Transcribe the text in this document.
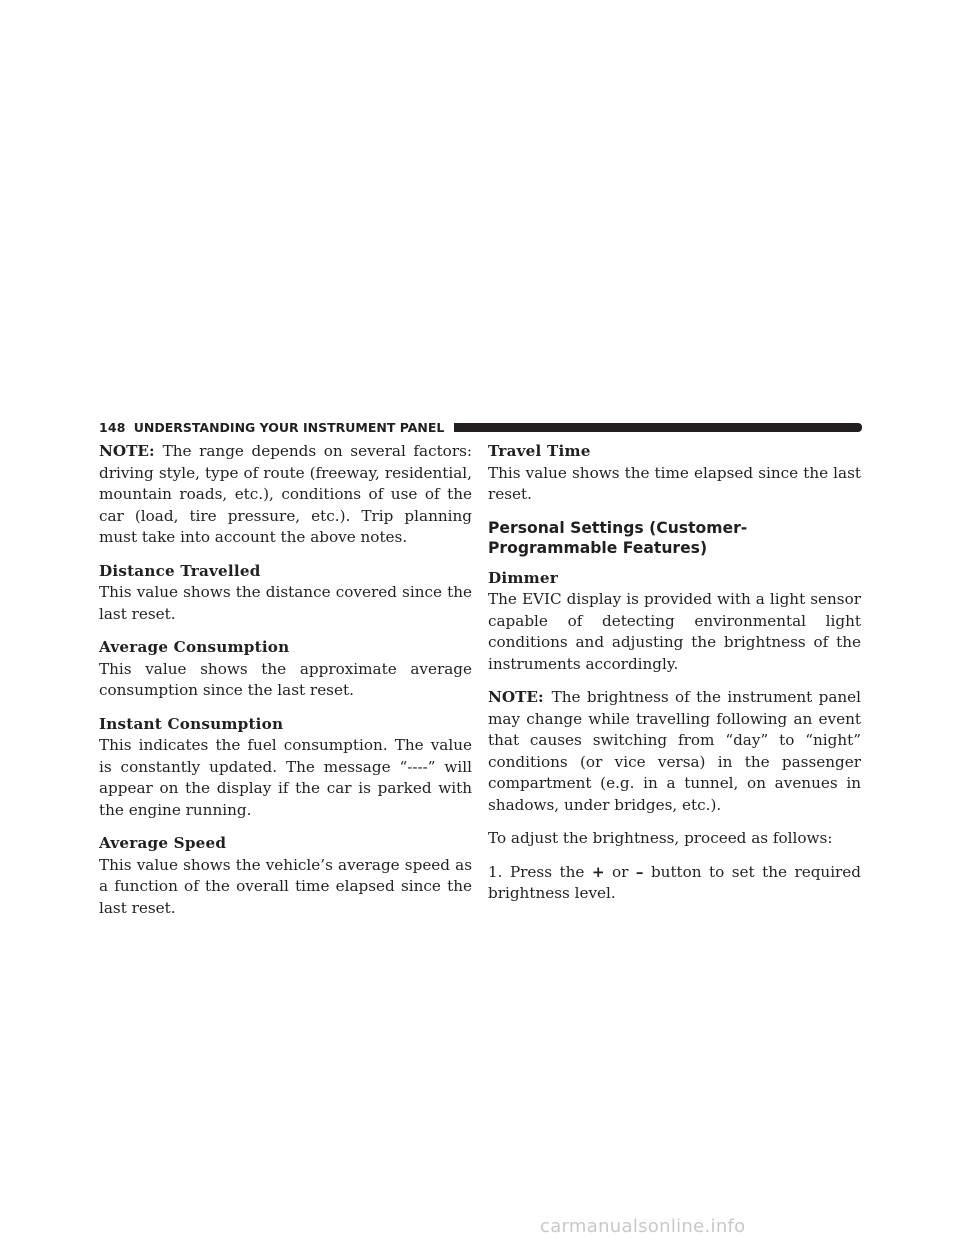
148 UNDERSTANDING YOUR INSTRUMENT PANEL

NOTE: The range depends on several factors: driving style, type of route (freeway, residential, mountain roads, etc.), conditions of use of the car (load, tire pressure, etc.). Trip planning must take into account the above notes.

Distance Travelled

This value shows the distance covered since the last reset.

Average Consumption

This value shows the approximate average consumption since the last reset.

Instant Consumption

This indicates the fuel consumption. The value is constantly updated. The message “----” will appear on the display if the car is parked with the engine running.

Average Speed

This value shows the vehicle’s average speed as a function of the overall time elapsed since the last reset.

Travel Time

This value shows the time elapsed since the last reset.

Personal Settings (Customer-Programmable Features)
Dimmer

The EVIC display is provided with a light sensor capable of detecting environmental light conditions and adjusting the brightness of the instruments accordingly.

NOTE: The brightness of the instrument panel may change while travelling following an event that causes switching from “day” to “night” conditions (or vice versa) in the passenger compartment (e.g. in a tunnel, on avenues in shadows, under bridges, etc.).

To adjust the brightness, proceed as follows:

1. Press the + or – button to set the required brightness level.

carmanualsonline.info
